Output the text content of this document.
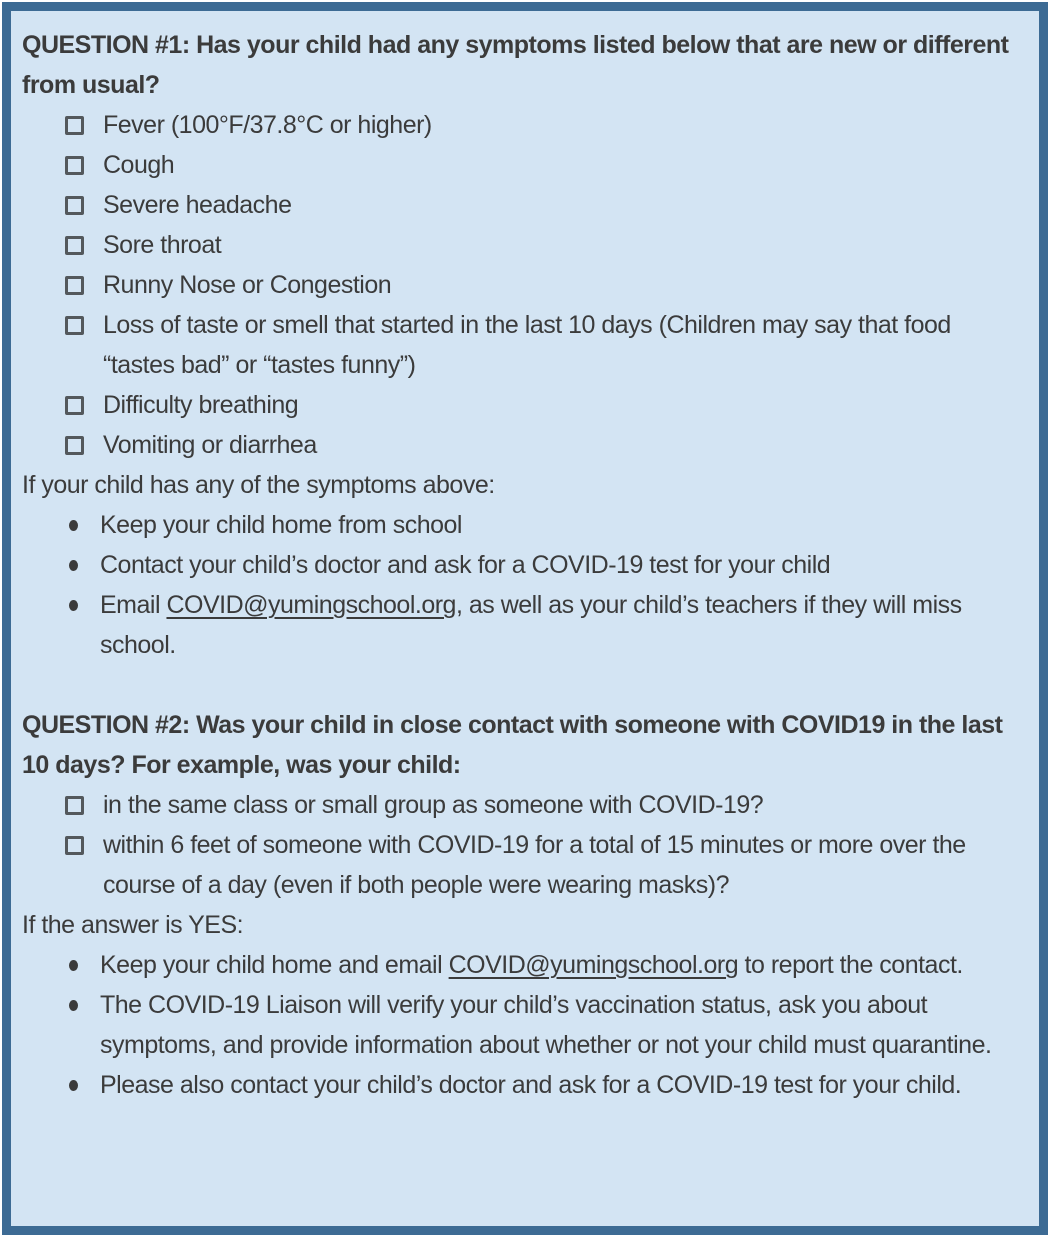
QUESTION #1: Has your child had any symptoms listed below that are new or different from usual?

Fever (100°F/37.8°C or higher)
Cough
Severe headache
Sore throat
Runny Nose or Congestion
Loss of taste or smell that started in the last 10 days (Children may say that food “tastes bad” or “tastes funny”)
Difficulty breathing
Vomiting or diarrhea

If your child has any of the symptoms above:

Keep your child home from school
Contact your child’s doctor and ask for a COVID-19 test for your child
Email COVID@yumingschool.org, as well as your child’s teachers if they will miss school.

QUESTION #2: Was your child in close contact with someone with COVID19 in the last 10 days? For example, was your child:

in the same class or small group as someone with COVID-19?
within 6 feet of someone with COVID-19 for a total of 15 minutes or more over the course of a day (even if both people were wearing masks)?

If the answer is YES:

Keep your child home and email COVID@yumingschool.org to report the contact.
The COVID-19 Liaison will verify your child’s vaccination status, ask you about symptoms, and provide information about whether or not your child must quarantine.
Please also contact your child’s doctor and ask for a COVID-19 test for your child.
